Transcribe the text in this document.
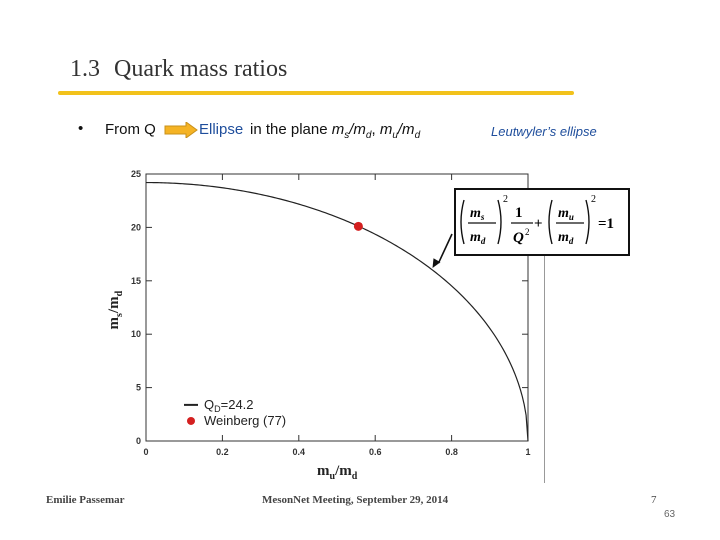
1.3 Quark mass ratios
• From Q	Ellipse in the plane $m_s/m_d$, $m_u/m_d$	Leutwyler’s ellipse
0	0.2	0.4	0.6	0.8	1
0
5
10
15
20
25
$m_u/m_d$
$m_s/m_d$
$Q_D=24.2$
Weinberg (77)
$m_s$
$m_d$
2
1
Q 2 +
$m_u$
$m_d$
2
=1
Emilie Passemar	MesonNet Meeting, September 29, 2014	7
63
